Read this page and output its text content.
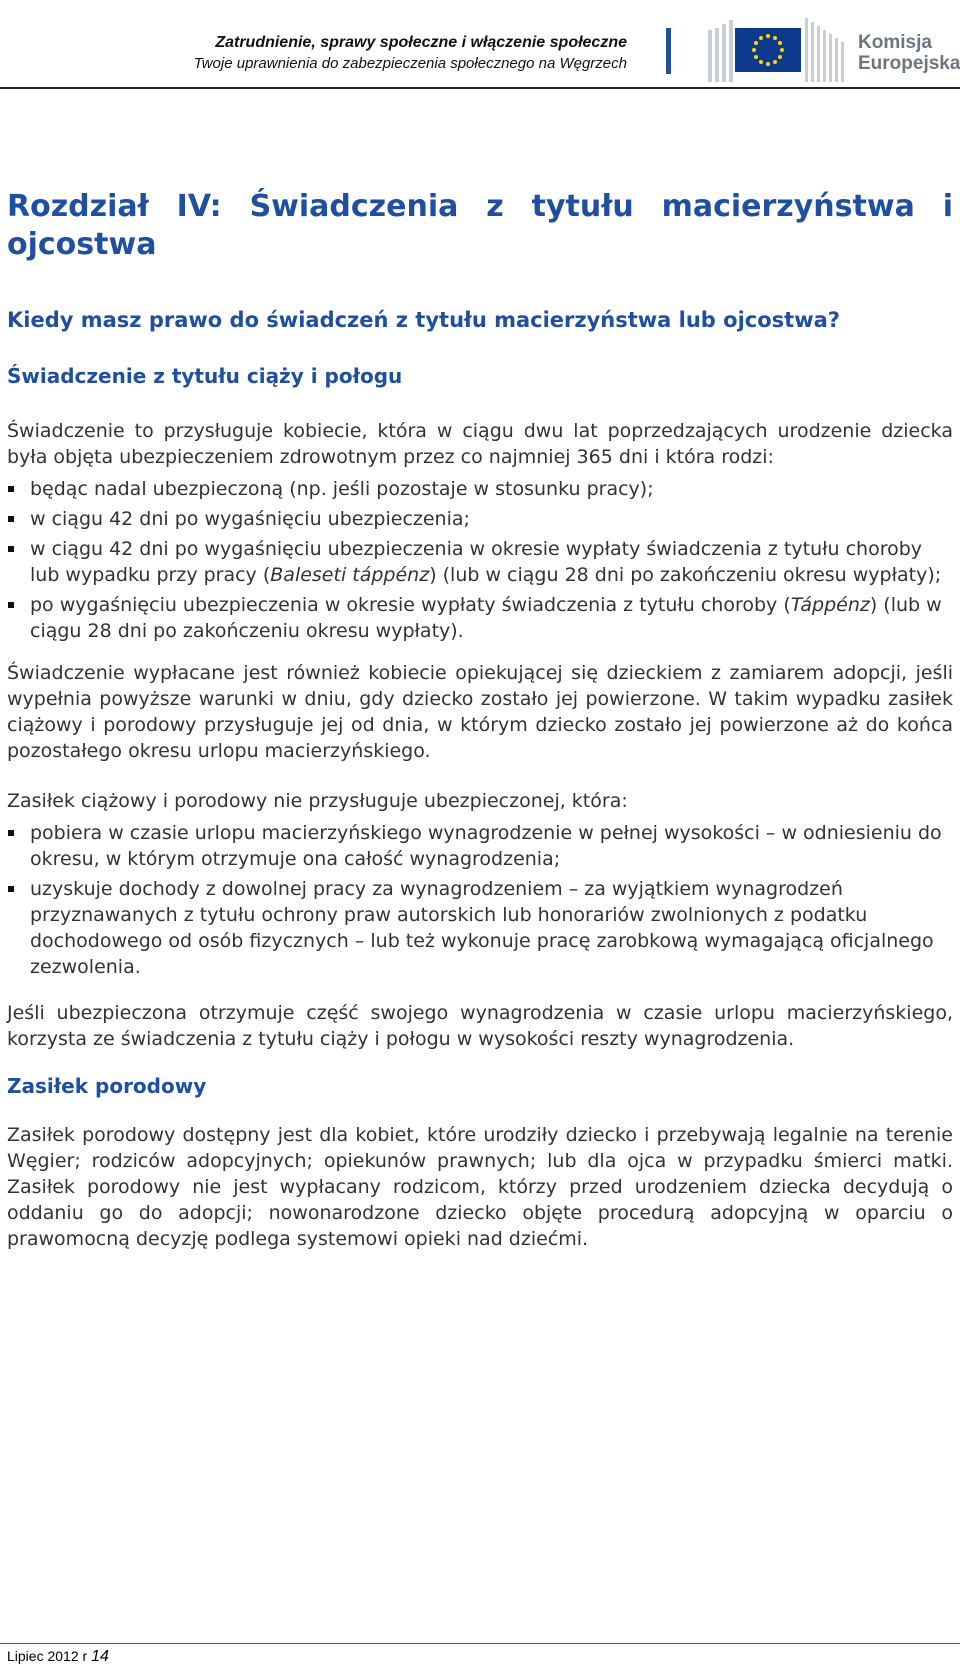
Zatrudnienie, sprawy społeczne i włączenie społeczne
Twoje uprawnienia do zabezpieczenia społecznego na Węgrzech
Komisja
Europejska
Rozdział IV: Świadczenia z tytułu macierzyństwa i ojcostwa
Kiedy masz prawo do świadczeń z tytułu macierzyństwa lub ojcostwa?
Świadczenie z tytułu ciąży i połogu

Świadczenie to przysługuje kobiecie, która w ciągu dwu lat poprzedzających urodzenie dziecka była objęta ubezpieczeniem zdrowotnym przez co najmniej 365 dni i która rodzi:

będąc nadal ubezpieczoną (np. jeśli pozostaje w stosunku pracy);
w ciągu 42 dni po wygaśnięciu ubezpieczenia;
w ciągu 42 dni po wygaśnięciu ubezpieczenia w okresie wypłaty świadczenia z tytułu choroby lub wypadku przy pracy (Baleseti táppénz) (lub w ciągu 28 dni po zakończeniu okresu wypłaty);
po wygaśnięciu ubezpieczenia w okresie wypłaty świadczenia z tytułu choroby (Táppénz) (lub w ciągu 28 dni po zakończeniu okresu wypłaty).

Świadczenie wypłacane jest również kobiecie opiekującej się dzieckiem z zamiarem adopcji, jeśli wypełnia powyższe warunki w dniu, gdy dziecko zostało jej powierzone. W takim wypadku zasiłek ciążowy i porodowy przysługuje jej od dnia, w którym dziecko zostało jej powierzone aż do końca pozostałego okresu urlopu macierzyńskiego.

Zasiłek ciążowy i porodowy nie przysługuje ubezpieczonej, która:

pobiera w czasie urlopu macierzyńskiego wynagrodzenie w pełnej wysokości – w odniesieniu do okresu, w którym otrzymuje ona całość wynagrodzenia;
uzyskuje dochody z dowolnej pracy za wynagrodzeniem – za wyjątkiem wynagrodzeń przyznawanych z tytułu ochrony praw autorskich lub honorariów zwolnionych z podatku dochodowego od osób fizycznych – lub też wykonuje pracę zarobkową wymagającą oficjalnego zezwolenia.

Jeśli ubezpieczona otrzymuje część swojego wynagrodzenia w czasie urlopu macierzyńskiego, korzysta ze świadczenia z tytułu ciąży i połogu w wysokości reszty wynagrodzenia.

Zasiłek porodowy

Zasiłek porodowy dostępny jest dla kobiet, które urodziły dziecko i przebywają legalnie na terenie Węgier; rodziców adopcyjnych; opiekunów prawnych; lub dla ojca w przypadku śmierci matki. Zasiłek porodowy nie jest wypłacany rodzicom, którzy przed urodzeniem dziecka decydują o oddaniu go do adopcji; nowonarodzone dziecko objęte procedurą adopcyjną w oparciu o prawomocną decyzję podlega systemowi opieki nad dziećmi.

Lipiec 2012 r 14
